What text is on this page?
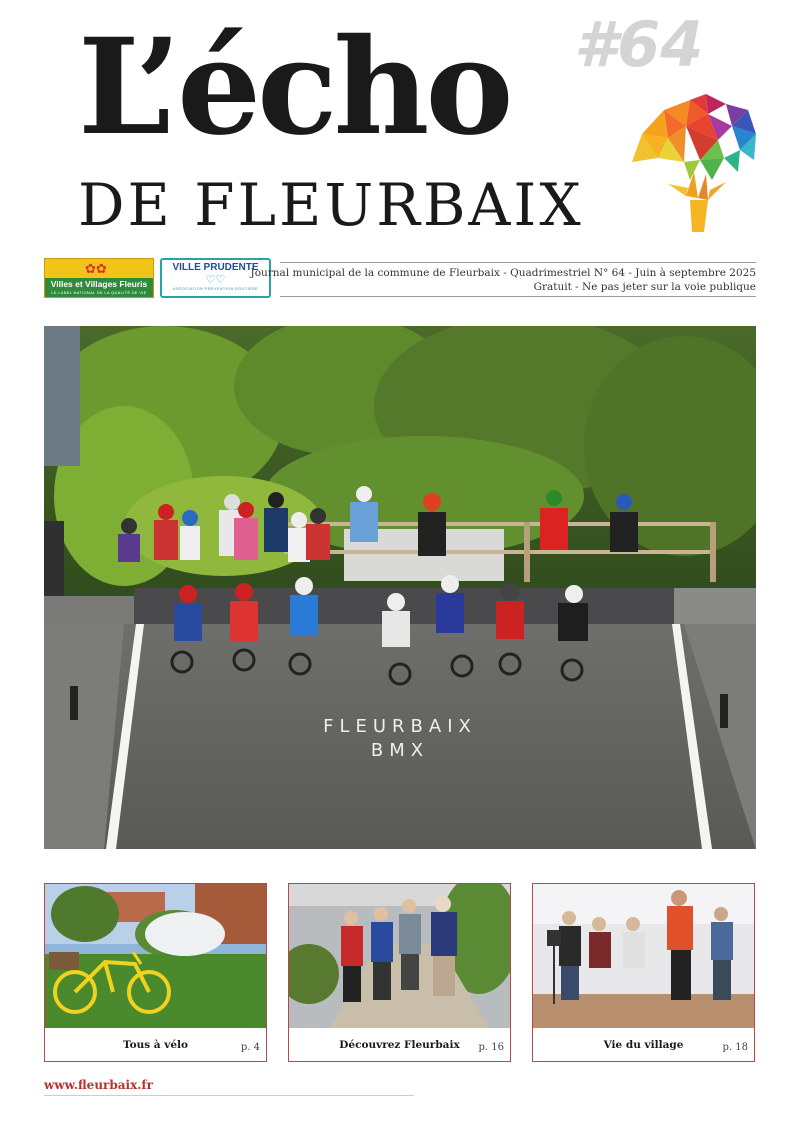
L’écho
DE FLEURBAIX
#64
✿✿
Villes et Villages Fleuris
LE LABEL NATIONAL DE LA QUALITÉ DE VIE
VILLE PRUDENTE
♡♡
ASSOCIATION PRÉVENTION ROUTIÈRE
Journal municipal de la commune de Fleurbaix - Quadrimestriel N° 64 - Juin à septembre 2025
Gratuit - Ne pas jeter sur la voie publique
FLEURBAIX
BMX
Tous à vélo	p. 4	Découvrez Fleurbaix	p. 16	Vie du village	p. 18
www.fleurbaix.fr
